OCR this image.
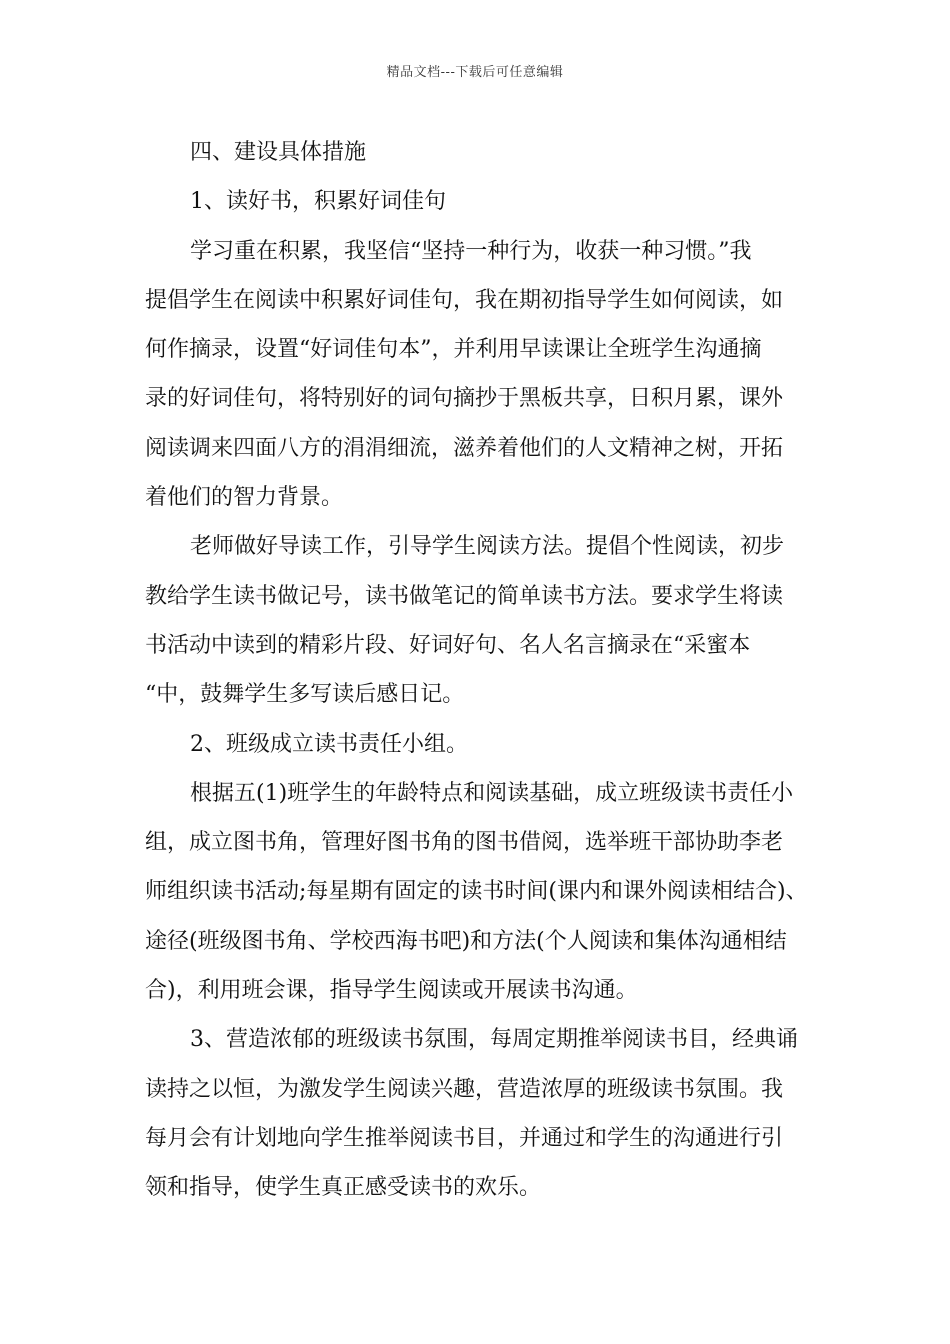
精品文档---下载后可任意编辑
四、建设具体措施
1、读好书，积累好词佳句
学习重在积累，我坚信“坚持一种行为，收获一种习惯。”我
提倡学生在阅读中积累好词佳句，我在期初指导学生如何阅读，如
何作摘录，设置“好词佳句本”，并利用早读课让全班学生沟通摘
录的好词佳句，将特别好的词句摘抄于黑板共享，日积月累，课外
阅读调来四面八方的涓涓细流，滋养着他们的人文精神之树，开拓
着他们的智力背景。
老师做好导读工作，引导学生阅读方法。提倡个性阅读，初步
教给学生读书做记号，读书做笔记的简单读书方法。要求学生将读
书活动中读到的精彩片段、好词好句、名人名言摘录在“采蜜本
“中，鼓舞学生多写读后感日记。
2、班级成立读书责任小组。
根据五(1)班学生的年龄特点和阅读基础，成立班级读书责任小
组，成立图书角，管理好图书角的图书借阅，选举班干部协助李老
师组织读书活动;每星期有固定的读书时间(课内和课外阅读相结合)、
途径(班级图书角、学校西海书吧)和方法(个人阅读和集体沟通相结
合)，利用班会课，指导学生阅读或开展读书沟通。
3、营造浓郁的班级读书氛围，每周定期推举阅读书目，经典诵
读持之以恒，为激发学生阅读兴趣，营造浓厚的班级读书氛围。我
每月会有计划地向学生推举阅读书目，并通过和学生的沟通进行引
领和指导，使学生真正感受读书的欢乐。
